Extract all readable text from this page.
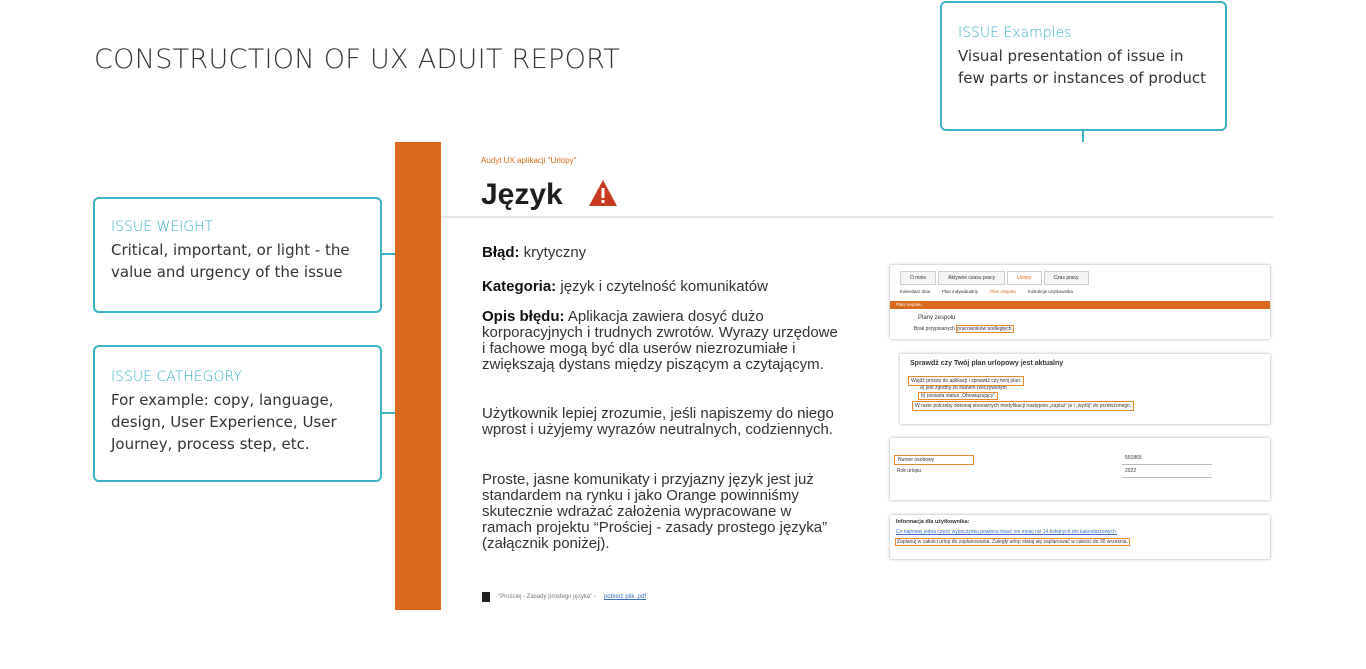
CONSTRUCTION OF UX ADUIT REPORT
ISSUE Examples
Visual presentation of issue in few parts or instances of product
ISSUE WEIGHT
Critical, important, or light - the value and urgency of the issue
ISSUE CATHEGORY
For example: copy, language, design, User Experience, User Journey, process step, etc.
Audyt UX aplikacji "Urlopy"
Język
Błąd: krytyczny
Kategoria: język i czytelność komunikatów
Opis błędu: Aplikacja zawiera dosyć dużo korporacyjnych i trudnych zwrotów. Wyrazy urzędowe i fachowe mogą być dla userów niezrozumiałe i zwiększają dystans między piszącym a czytającym.
Użytkownik lepiej zrozumie, jeśli napiszemy do niego wprost i użyjemy wyrazów neutralnych, codziennych.
Proste, jasne komunikaty i przyjazny język jest już standardem na rynku i jako Orange powinniśmy skutecznie wdrażać założenia wypracowane w ramach projektu “Prościej - zasady prostego języka” (załącznik poniżej).
"Prościej - Zasady prostego języka" - pobierz plik .pdf
O mnie	Aktywne czasu pracy	Urlopy	Czas pracy
Kalendarz dnia	Plan indywidualny	Plan zespołu	Instrukcje użytkownika
Plan zespołu
Plany zespołu
Brak przypisanych pracowników podległych.
Sprawdź czy Twój plan urlopowy jest aktualny
Wejdź proszę do aplikacji i sprawdź czy twój plan:
a) jest zgodny ze stanem rzeczywistym
b) posiada status „Obowiązujący”
W razie potrzeby dokonaj stosownych modyfikacji następnie „zapisz” je i „wyślij” do przełożonego.
Numer osobowy	551865
Rok urlopu	2022
Informacja dla użytkownika:
Co najmniej jedna część wypoczynku powinna trwać nie mniej niż 14 kolejnych dni kalendarzowych.
Zaplanuj w całości urlop do zaplanowania. Zaległy urlop staraj się zaplanować w całości do 30 września.
